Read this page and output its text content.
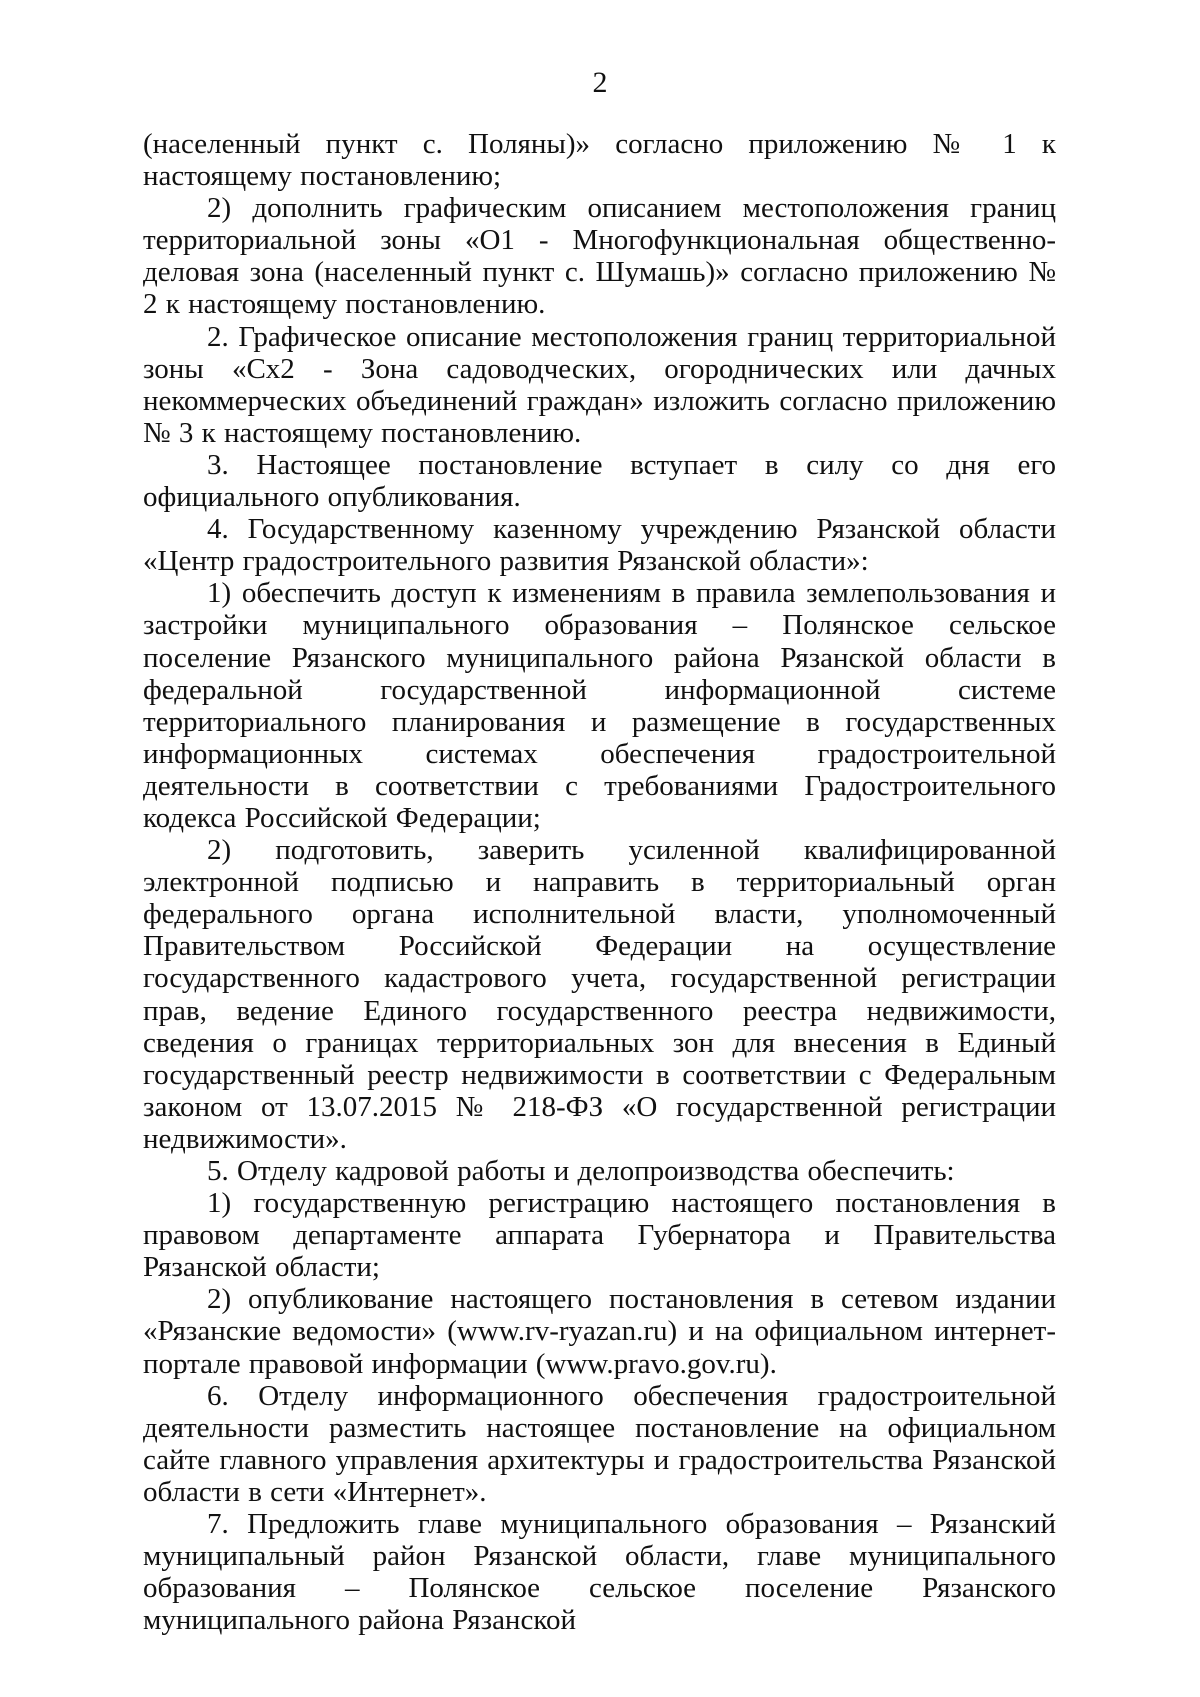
2

(населенный пункт с. Поляны)» согласно приложению № 1 к настоящему постановлению;

2) дополнить графическим описанием местоположения границ территориальной зоны «О1 - Многофункциональная общественно-деловая зона (населенный пункт с. Шумашь)» согласно приложению № 2 к настоящему постановлению.

2. Графическое описание местоположения границ территориальной зоны «Сх2 - Зона садоводческих, огороднических или дачных некоммерческих объединений граждан» изложить согласно приложению № 3 к настоящему постановлению.

3. Настоящее постановление вступает в силу со дня его официального опубликования.

4. Государственному казенному учреждению Рязанской области «Центр градостроительного развития Рязанской области»:

1) обеспечить доступ к изменениям в правила землепользования и застройки муниципального образования – Полянское сельское поселение Рязанского муниципального района Рязанской области в федеральной государственной информационной системе территориального планирования и размещение в государственных информационных системах обеспечения градостроительной деятельности в соответствии с требованиями Градостроительного кодекса Российской Федерации;

2) подготовить, заверить усиленной квалифицированной электронной подписью и направить в территориальный орган федерального органа исполнительной власти, уполномоченный Правительством Российской Федерации на осуществление государственного кадастрового учета, государственной регистрации прав, ведение Единого государственного реестра недвижимости, сведения о границах территориальных зон для внесения в Единый государственный реестр недвижимости в соответствии с Федеральным законом от 13.07.2015 № 218-ФЗ «О государственной регистрации недвижимости».

5. Отделу кадровой работы и делопроизводства обеспечить:

1) государственную регистрацию настоящего постановления в правовом департаменте аппарата Губернатора и Правительства Рязанской области;

2) опубликование настоящего постановления в сетевом издании «Рязанские ведомости» (www.rv-ryazan.ru) и на официальном интернет-портале правовой информации (www.pravo.gov.ru).

6. Отделу информационного обеспечения градостроительной деятельности разместить настоящее постановление на официальном сайте главного управления архитектуры и градостроительства Рязанской области в сети «Интернет».

7. Предложить главе муниципального образования – Рязанский муниципальный район Рязанской области, главе муниципального образования – Полянское сельское поселение Рязанского муниципального района Рязанской
